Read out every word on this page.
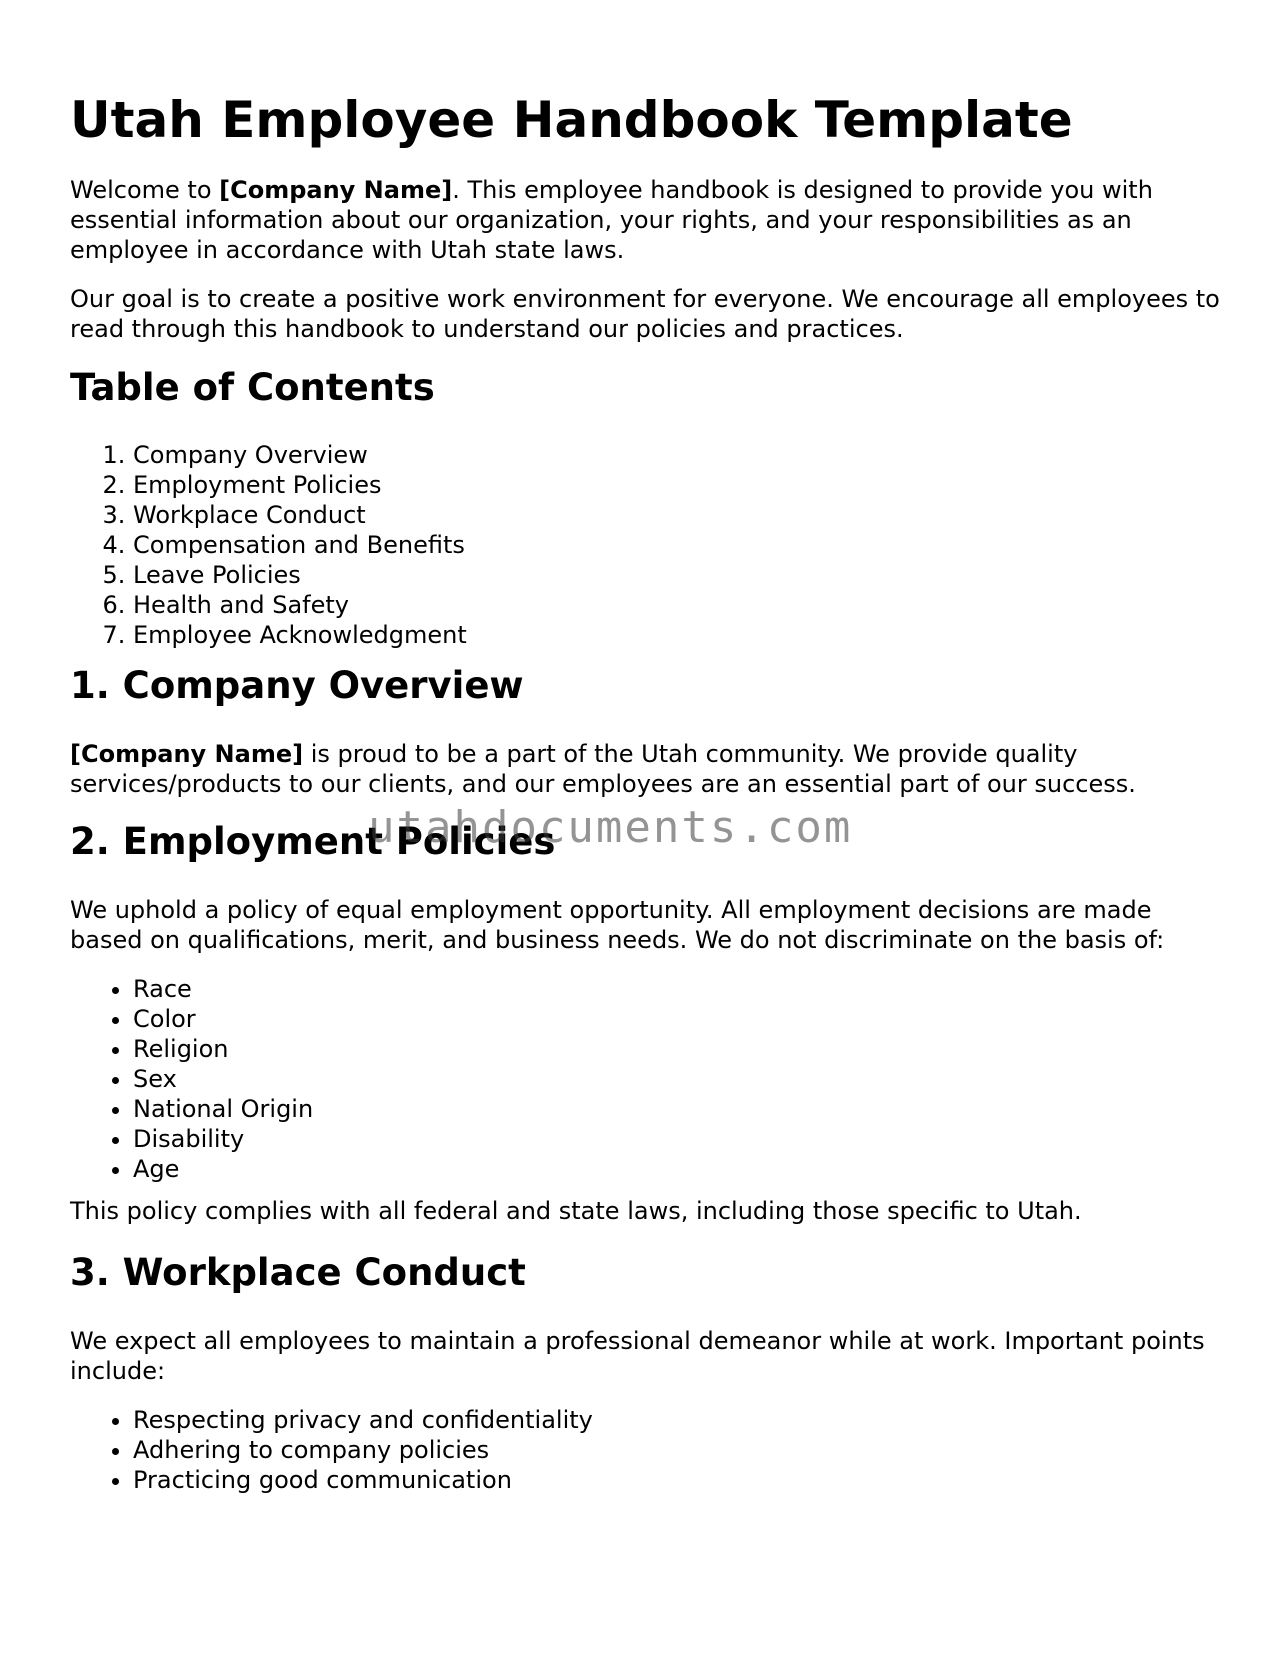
Utah Employee Handbook Template

Welcome to [Company Name]. This employee handbook is designed to provide you with essential information about our organization, your rights, and your responsibilities as an employee in accordance with Utah state laws.

Our goal is to create a positive work environment for everyone. We encourage all employees to read through this handbook to understand our policies and practices.

Table of Contents
1. Company Overview
2. Employment Policies
3. Workplace Conduct
4. Compensation and Benefits
5. Leave Policies
6. Health and Safety
7. Employee Acknowledgment
1. Company Overview

[Company Name] is proud to be a part of the Utah community. We provide quality services/products to our clients, and our employees are an essential part of our success.

2. Employment Policies

We uphold a policy of equal employment opportunity. All employment decisions are made based on qualifications, merit, and business needs. We do not discriminate on the basis of:

• Race
• Color
• Religion
• Sex
• National Origin
• Disability
• Age

This policy complies with all federal and state laws, including those specific to Utah.

3. Workplace Conduct

We expect all employees to maintain a professional demeanor while at work. Important points include:

• Respecting privacy and confidentiality
• Adhering to company policies
• Practicing good communication
utahdocuments.com
